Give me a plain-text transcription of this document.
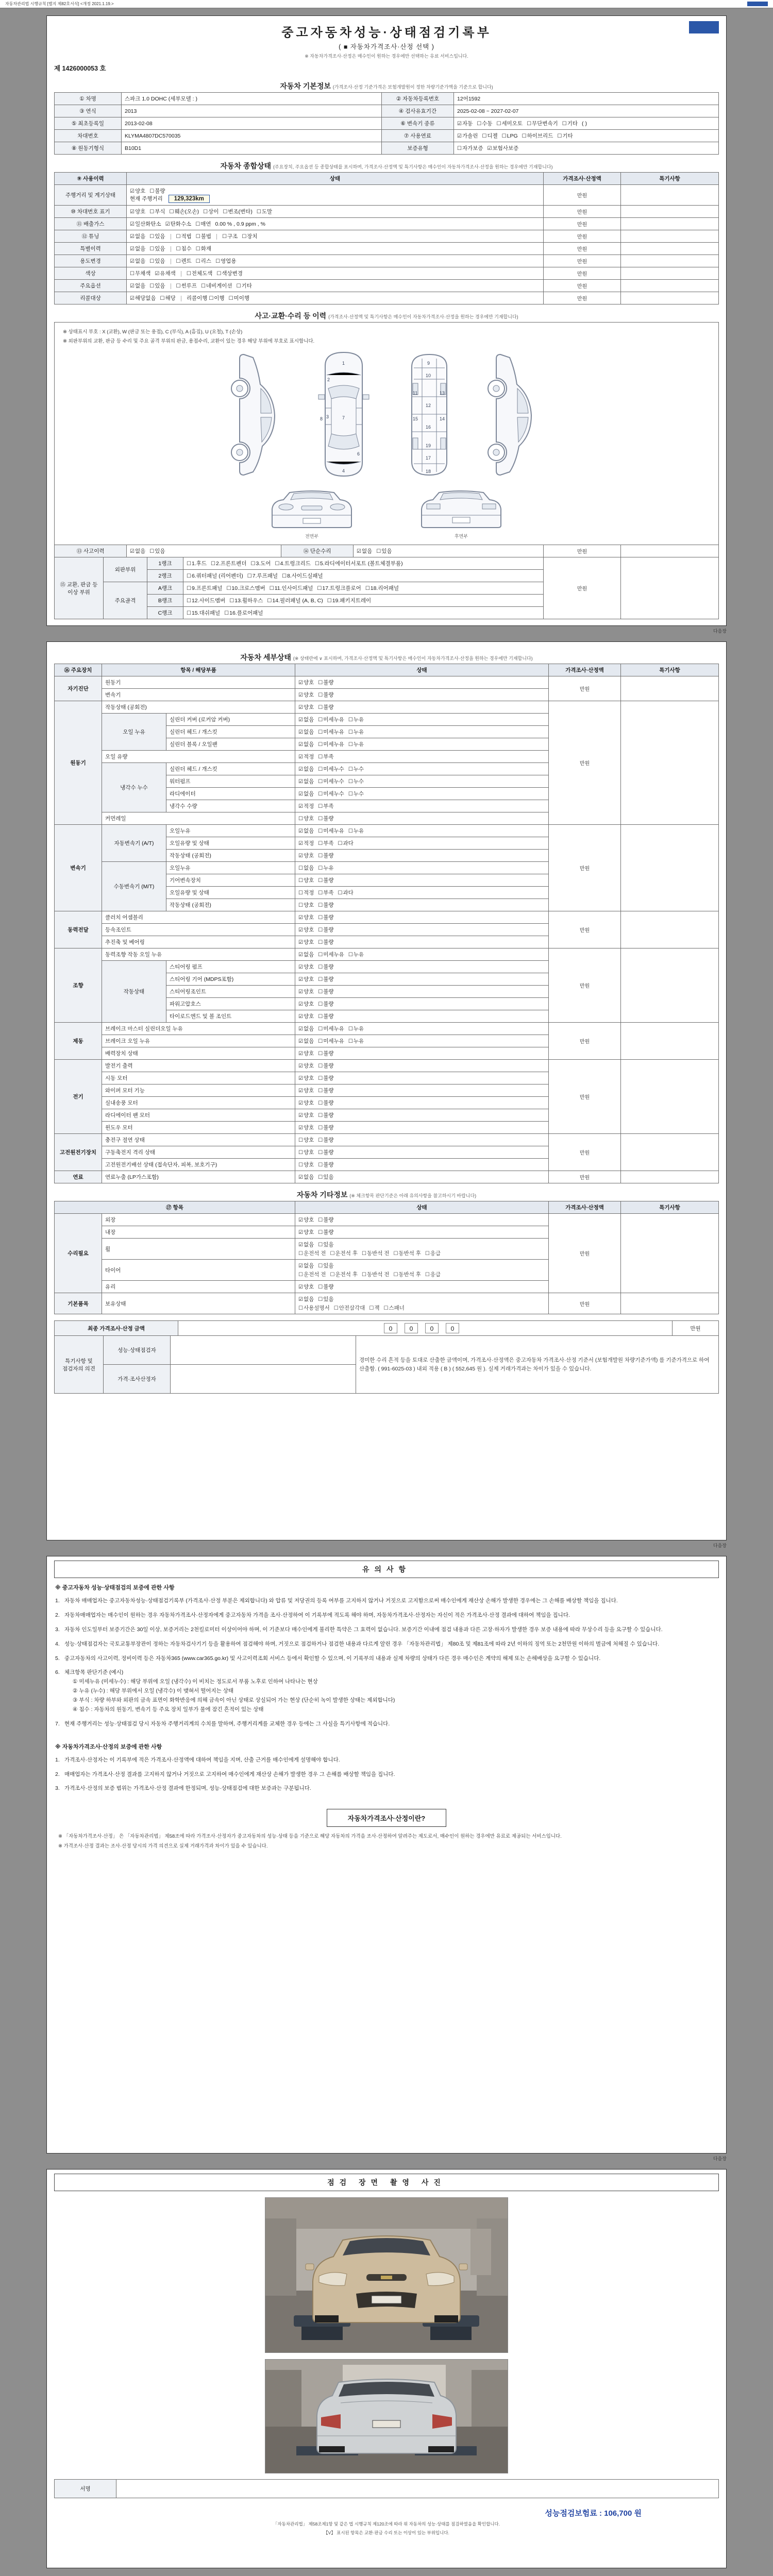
자동차관리법 시행규칙 [별지 제82호서식] <개정 2021.1.19.>
중고자동차성능·상태점검기록부
( ■ 자동차가격조사·산정 선택 )
※ 자동차가격조사·산정은 매수인이 원하는 경우에만 선택하는 유료 서비스입니다.
제 1426000053 호
자동차 기본정보 (가격조사·산정 기준가격은 보험개발원이 정한 차량기준가액을 기준으로 합니다)
① 차명	스파크 1.0 DOHC (세부모델 : )	② 자동차등록번호	12어1592
③ 연식	2013	④ 검사유효기간	2025-02-08 ~ 2027-02-07
⑤ 최초등록일	2013-02-08	⑥ 변속기 종류	☑자동 ☐수동 ☐세미오토 ☐무단변속기 ☐기타 ( )
차대번호	KLYMA4807DC570035	⑦ 사용연료	☑가솔린 ☐디젤 ☐LPG ☐하이브리드 ☐기타
⑧ 원동기형식	B10D1	보증유형	☐자가보증 ☑보험사보증
자동차 종합상태 (주요장치, 주요옵션 등 종합상태를 표시하며, 가격조사·산정액 및 특기사항은 매수인이 자동차가격조사·산정을 원하는 경우에만 기재합니다)
⑨ 사용이력	상태	가격조사·산정액	특기사항
주행거리 및 계기상태	☑양호 ☐불량
현재 주행거리 129,323km	만원	
⑩ 차대번호 표기	☑양호 ☐부식 ☐훼손(오손) ☐상이 ☐변조(변타) ☐도말	만원	
⑪ 배출가스	☑일산화탄소 ☑탄화수소 ☐매연 0.00 % , 0.9 ppm , %	만원	
⑫ 튜닝	☑없음 ☐있음 ☐적법 ☐불법 ☐구조 ☐장치	만원	
특별이력	☑없음 ☐있음 ☐침수 ☐화재	만원	
용도변경	☑없음 ☐있음 ☐렌트 ☐리스 ☐영업용	만원	
색상	☐무채색 ☑유채색 ☐전체도색 ☐색상변경	만원	
주요옵션	☑없음 ☐있음 ☐썬루프 ☐네비게이션 ☐기타	만원	
리콜대상	☑해당없음 ☐해당 리콜이행 ☐이행 ☐미이행	만원	
사고·교환·수리 등 이력 (가격조사·산정액 및 특기사항은 매수인이 자동차가격조사·산정을 원하는 경우에만 기재합니다)
※ 상태표시 부호 : X (교환), W (판금 또는 용접), C (부식), A (흠집), U (요철), T (손상)
※ 외판부위의 교환, 판금 등 수리 및 주요 골격 부위의 판금, 용접수리, 교환이 있는 경우 해당 부위에 부호로 표시합니다.
1
2
3	7
6
4
8
9
10
11	13
12
14
15
16
19
17
18
전면부	후면부
⑬ 사고이력	☑없음 ☐있음	⑭ 단순수리	☑없음 ☐있음	만원	
⑮ 교환, 판금 등 이상 부위	외판부위	1랭크	☐1.후드 ☐2.프론트펜더 ☐3.도어 ☐4.트렁크리드 ☐5.라디에이터서포트 (볼트체결부품)	만원	
		2랭크	☐6.쿼터패널 (리어펜더) ☐7.루프패널 ☐8.사이드실패널		
	주요골격	A랭크	☐9.프론트패널 ☐10.크로스멤버 ☐11.인사이드패널 ☐17.트렁크플로어 ☐18.리어패널		
		B랭크	☐12.사이드멤버 ☐13.휠하우스 ☐14.필러패널 (A, B, C) ☐19.패키지트레이		
		C랭크	☐15.대쉬패널 ☐16.플로어패널		
다음장
자동차 세부상태 (※ 상태란에 ∨ 표시하며, 가격조사·산정액 및 특기사항은 매수인이 자동차가격조사·산정을 원하는 경우에만 기재합니다)
⑯ 주요장치	항목 / 해당부품		상태	가격조사·산정액	특기사항
자기진단	원동기		☑양호 ☐불량	만원	
	변속기		☑양호 ☐불량		
원동기	작동상태 (공회전)		☑양호 ☐불량	만원	
	오일 누유	실린더 커버 (로커암 커버)	☑없음 ☐미세누유 ☐누유		
		실린더 헤드 / 개스킷	☑없음 ☐미세누유 ☐누유		
		실린더 블록 / 오일팬	☑없음 ☐미세누유 ☐누유		
	오일 유량		☑적정 ☐부족		
	냉각수 누수	실린더 헤드 / 개스킷	☑없음 ☐미세누수 ☐누수		
		워터펌프	☑없음 ☐미세누수 ☐누수		
		라디에이터	☑없음 ☐미세누수 ☐누수		
		냉각수 수량	☑적정 ☐부족		
	커먼레일		☐양호 ☐불량		
변속기	자동변속기 (A/T)	오일누유	☑없음 ☐미세누유 ☐누유	만원	
		오일유량 및 상태	☑적정 ☐부족 ☐과다		
		작동상태 (공회전)	☑양호 ☐불량		
	수동변속기 (M/T)	오일누유	☐없음 ☐누유		
		기어변속장치	☐양호 ☐불량		
		오일유량 및 상태	☐적정 ☐부족 ☐과다		
		작동상태 (공회전)	☐양호 ☐불량		
동력전달	클러치 어셈블리		☑양호 ☐불량	만원	
	등속조인트		☑양호 ☐불량		
	추진축 및 베어링		☑양호 ☐불량		
조향	동력조향 작동 오일 누유		☑없음 ☐미세누유 ☐누유	만원	
	작동상태	스티어링 펌프	☑양호 ☐불량		
		스티어링 기어 (MDPS포함)	☑양호 ☐불량		
		스티어링조인트	☑양호 ☐불량		
		파워고압호스	☑양호 ☐불량		
		타이로드엔드 및 볼 조인트	☑양호 ☐불량		
제동	브레이크 마스터 실린더오일 누유		☑없음 ☐미세누유 ☐누유	만원	
	브레이크 오일 누유		☑없음 ☐미세누유 ☐누유		
	배력장치 상태		☑양호 ☐불량		
전기	발전기 출력		☑양호 ☐불량	만원	
	시동 모터		☑양호 ☐불량		
	와이퍼 모터 기능		☑양호 ☐불량		
	실내송풍 모터		☑양호 ☐불량		
	라디에이터 팬 모터		☑양호 ☐불량		
	윈도우 모터		☑양호 ☐불량		
고전원전기장치	충전구 절연 상태		☐양호 ☐불량	만원	
	구동축전지 격리 상태		☐양호 ☐불량		
	고전원전기배선 상태 (접속단자, 피복, 보호기구)		☐양호 ☐불량		
연료	연료누출 (LP가스포함)		☑없음 ☐있음	만원	
자동차 기타정보 (※ 체크항목 판단기준은 아래 유의사항을 참고하시기 바랍니다)
⑰ 항목		상태	가격조사·산정액	특기사항
수리필요	외장	☑양호 ☐불량	만원	
	내장	☑양호 ☐불량		
	휠	☑없음 ☐있음
☐운전석 전 ☐운전석 후 ☐동반석 전 ☐동반석 후 ☐응급		

	타이어	☑없음 ☐있음
☐운전석 전 ☐운전석 후 ☐동반석 전 ☐동반석 후 ☐응급		

	유리	☑양호 ☐불량		
기본품목	보유상태	☑없음 ☐있음
☐사용설명서 ☐안전삼각대 ☐잭 ☐스패너	만원	
최종 가격조사·산정 금액	0	0	0	0	만원
특기사항 및 점검자의 의견	성능·상태점검자		경미한 수리 흔적 등을 토대로 산출한 금액이며, 가격조사·산정액은 중고자동차 가격조사·산정 기준서 (보험개발원 차량기준가액) 를 기준가격으로 하여 산출함. ( 991-6025-03 ) 내외 적용 ( B ) ( 552,645 원 ). 실제 거래가격과는 차이가 있을 수 있습니다.
	가격·조사산정자		
다음장
유의사항
※ 중고자동차 성능·상태점검의 보증에 관한 사항
1. 자동차 매매업자는 중고자동차성능·상태점검기록부 (가격조사·산정 부분은 제외합니다) 와 압류 및 저당권의 등록 여부를 고지하지 않거나 거짓으로 고지함으로써 매수인에게 재산상 손해가 발생한 경우에는 그 손해를 배상할 책임을 집니다.
2. 자동차매매업자는 매수인이 원하는 경우 자동차가격조사·산정자에게 중고자동차 가격을 조사·산정하여 이 기록부에 적도록 해야 하며, 자동차가격조사·산정자는 자신이 적은 가격조사·산정 결과에 대하여 책임을 집니다.
3. 자동차 인도일부터 보증기간은 30일 이상, 보증거리는 2천킬로미터 이상이어야 하며, 이 기준보다 매수인에게 불리한 특약은 그 효력이 없습니다. 보증기간 이내에 점검 내용과 다른 고장·하자가 발생한 경우 보증 내용에 따라 무상수리 등을 요구할 수 있습니다.
4. 성능·상태점검자는 국토교통부장관이 정하는 자동차검사기기 등을 활용하여 점검해야 하며, 거짓으로 점검하거나 점검한 내용과 다르게 알린 경우 「자동차관리법」 제80조 및 제81조에 따라 2년 이하의 징역 또는 2천만원 이하의 벌금에 처해질 수 있습니다.
5. 중고자동차의 사고이력, 정비이력 등은 자동차365 (www.car365.go.kr) 및 사고이력조회 서비스 등에서 확인할 수 있으며, 이 기록부의 내용과 실제 차량의 상태가 다른 경우 매수인은 계약의 해제 또는 손해배상을 요구할 수 있습니다.
6. 체크항목 판단기준 (예시)
① 미세누유 (미세누수) : 해당 부위에 오일 (냉각수) 이 비치는 정도로서 부품 노후로 인하여 나타나는 현상
② 누유 (누수) : 해당 부위에서 오일 (냉각수) 이 맺혀서 떨어지는 상태
③ 부식 : 차량 하부와 외판의 금속 표면이 화학반응에 의해 금속이 아닌 상태로 상실되어 가는 현상 (단순히 녹이 발생한 상태는 제외합니다)
④ 침수 : 자동차의 원동기, 변속기 등 주요 장치 일부가 물에 잠긴 흔적이 있는 상태
7. 현재 주행거리는 성능·상태점검 당시 자동차 주행거리계의 수치를 말하며, 주행거리계를 교체한 경우 등에는 그 사실을 특기사항에 적습니다.
※ 자동차가격조사·산정의 보증에 관한 사항
1. 가격조사·산정자는 이 기록부에 적은 가격조사·산정액에 대하여 책임을 지며, 산출 근거를 매수인에게 설명해야 합니다.
2. 매매업자는 가격조사·산정 결과를 고지하지 않거나 거짓으로 고지하여 매수인에게 재산상 손해가 발생한 경우 그 손해를 배상할 책임을 집니다.
3. 가격조사·산정의 보증 범위는 가격조사·산정 결과에 한정되며, 성능·상태점검에 대한 보증과는 구분됩니다.
자동차가격조사·산정이란?
※ 「자동차가격조사·산정」 은 「자동차관리법」 제58조에 따라 가격조사·산정자가 중고자동차의 성능·상태 등을 기준으로 해당 자동차의 가격을 조사·산정하여 알려주는 제도로서, 매수인이 원하는 경우에만 유료로 제공되는 서비스입니다.
※ 가격조사·산정 결과는 조사·산정 당시의 가격 의견으로 실제 거래가격과 차이가 있을 수 있습니다.
다음장
점검 장면 촬영 사진
서명	
성능점검보험료 : 106,700 원
「자동차관리법」 제58조제1항 및 같은 법 시행규칙 제120조에 따라 위 자동차의 성능·상태를 점검하였음을 확인합니다.
【V】 표시된 항목은 교환·판금 수리 또는 이상이 있는 부위입니다.
